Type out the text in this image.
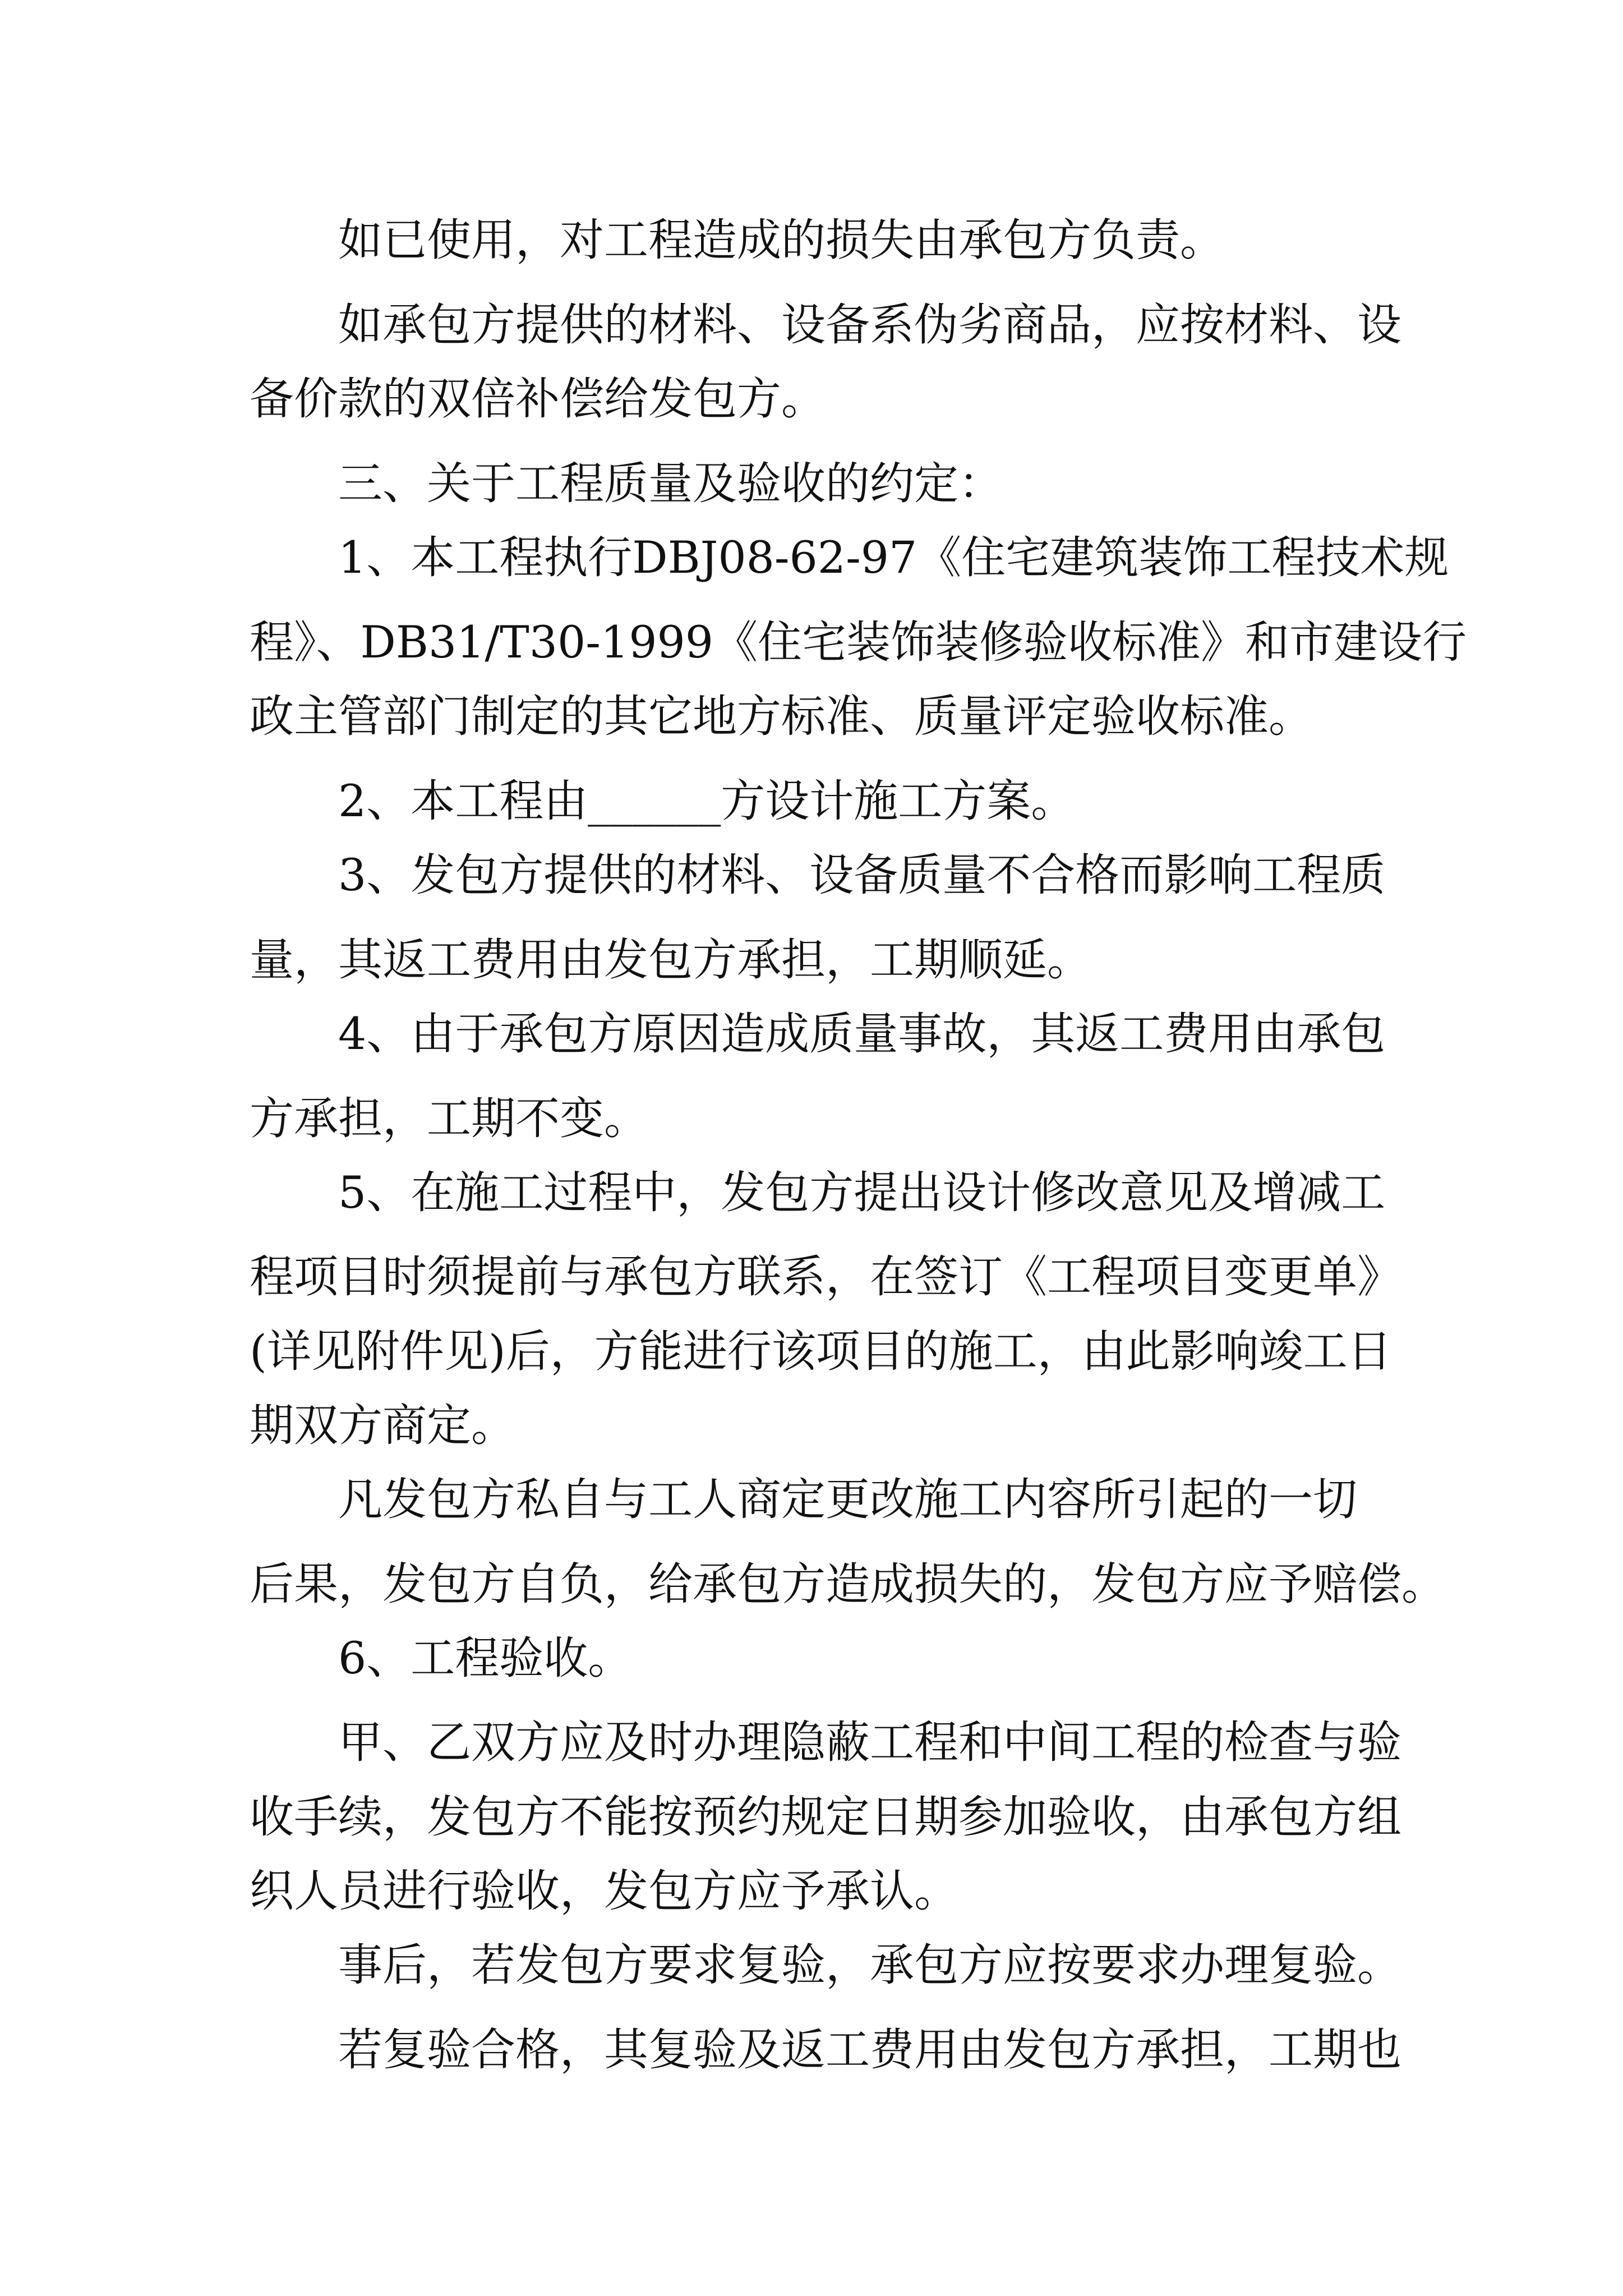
　　如已使用，对工程造成的损失由承包方负责。
　　如承包方提供的材料、设备系伪劣商品，应按材料、设
备价款的双倍补偿给发包方。
　　三、关于工程质量及验收的约定：
　　1、本工程执行DBJ08-62-97《住宅建筑装饰工程技术规
程》、DB31/T30-1999《住宅装饰装修验收标准》和市建设行
政主管部门制定的其它地方标准、质量评定验收标准。
　　2、本工程由______方设计施工方案。
　　3、发包方提供的材料、设备质量不合格而影响工程质
量，其返工费用由发包方承担，工期顺延。
　　4、由于承包方原因造成质量事故，其返工费用由承包
方承担，工期不变。
　　5、在施工过程中，发包方提出设计修改意见及增减工
程项目时须提前与承包方联系，在签订《工程项目变更单》
(详见附件见)后，方能进行该项目的施工，由此影响竣工日
期双方商定。
　　凡发包方私自与工人商定更改施工内容所引起的一切
后果，发包方自负，给承包方造成损失的，发包方应予赔偿。
　　6、工程验收。
　　甲、乙双方应及时办理隐蔽工程和中间工程的检查与验
收手续，发包方不能按预约规定日期参加验收，由承包方组
织人员进行验收，发包方应予承认。
　　事后，若发包方要求复验，承包方应按要求办理复验。
　　若复验合格，其复验及返工费用由发包方承担，工期也
